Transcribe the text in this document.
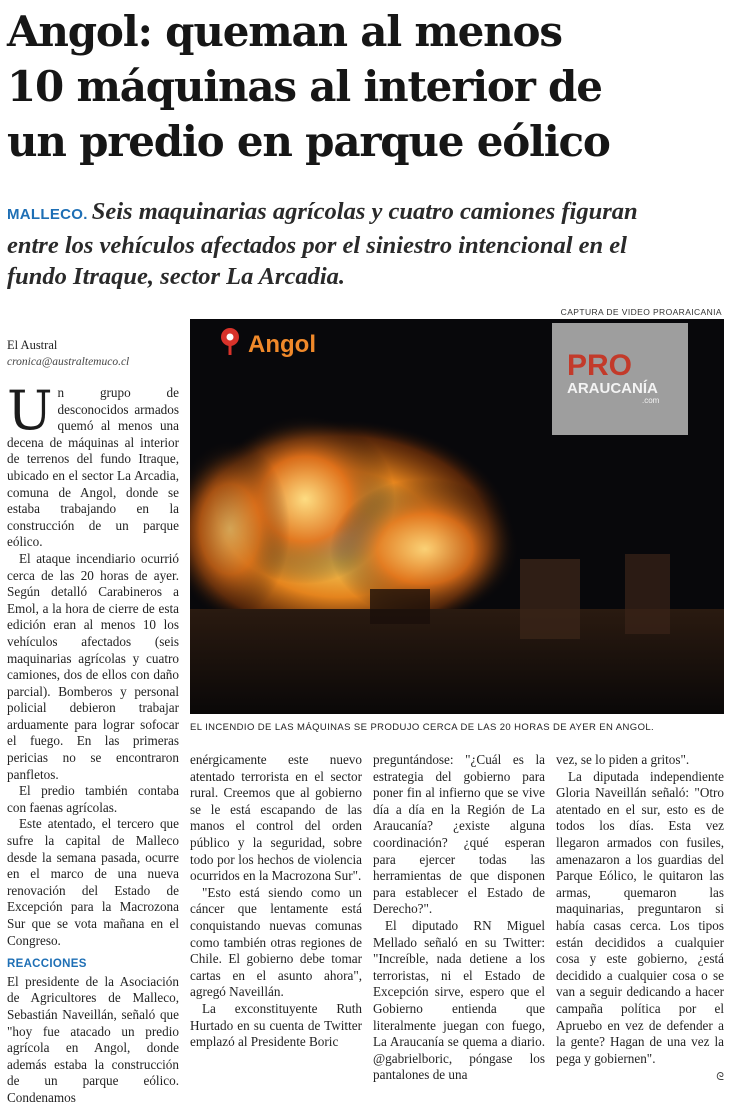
Angol: queman al menos
10 máquinas al interior de
un predio en parque eólico
MALLECO. Seis maquinarias agrícolas y cuatro camiones figuran
entre los vehículos afectados por el siniestro intencional en el
fundo Itraque, sector La Arcadia.
El Austral
cronica@australtemuco.cl
CAPTURA DE VIDEO PROARAICANIA
Angol
PRO
ARAUCANÍA
.com
EL INCENDIO DE LAS MÁQUINAS SE PRODUJO CERCA DE LAS 20 HORAS DE AYER EN ANGOL.

Un grupo de desconocidos armados quemó al menos una decena de máquinas al interior de terrenos del fundo Itraque, ubicado en el sector La Arcadia, comuna de Angol, donde se estaba trabajando en la construcción de un parque eólico.

El ataque incendiario ocurrió cerca de las 20 horas de ayer. Según detalló Carabineros a Emol, a la hora de cierre de esta edición eran al menos 10 los vehículos afectados (seis maquinarias agrícolas y cuatro camiones, dos de ellos con daño parcial). Bomberos y personal policial debieron trabajar arduamente para lograr sofocar el fuego. En las primeras pericias no se encontraron panfletos.

El predio también contaba con faenas agrícolas.

Este atentado, el tercero que sufre la capital de Malleco desde la semana pasada, ocurre en el marco de una nueva renovación del Estado de Excepción para la Macrozona Sur que se vota mañana en el Congreso.

REACCIONES

El presidente de la Asociación de Agricultores de Malleco, Sebastián Naveillán, señaló que "hoy fue atacado un predio agrícola en Angol, donde además estaba la construcción de un parque eólico. Condenamos

enérgicamente este nuevo atentado terrorista en el sector rural. Creemos que al gobierno se le está escapando de las manos el control del orden público y la seguridad, sobre todo por los hechos de violencia ocurridos en la Macrozona Sur".

"Esto está siendo como un cáncer que lentamente está conquistando nuevas comunas como también otras regiones de Chile. El gobierno debe tomar cartas en el asunto ahora", agregó Naveillán.

La exconstituyente Ruth Hurtado en su cuenta de Twitter emplazó al Presidente Boric

preguntándose: "¿Cuál es la estrategia del gobierno para poner fin al infierno que se vive día a día en la Región de La Araucanía? ¿existe alguna coordinación? ¿qué esperan para ejercer todas las herramientas de que disponen para establecer el Estado de Derecho?".

El diputado RN Miguel Mellado señaló en su Twitter: "Increíble, nada detiene a los terroristas, ni el Estado de Excepción sirve, espero que el Gobierno entienda que literalmente juegan con fuego, La Araucanía se quema a diario. @gabrielboric, póngase los pantalones de una

vez, se lo piden a gritos".

La diputada independiente Gloria Naveillán señaló: "Otro atentado en el sur, esto es de todos los días. Esta vez llegaron armados con fusiles, amenazaron a los guardias del Parque Eólico, le quitaron las armas, quemaron las maquinarias, preguntaron si había casas cerca. Los tipos están decididos a cualquier cosa y este gobierno, ¿está decidido a cualquier cosa o se van a seguir dedicando a hacer campaña política por el Apruebo en vez de defender a la gente? Hagan de una vez la pega y gobiernen".

ᘓ
